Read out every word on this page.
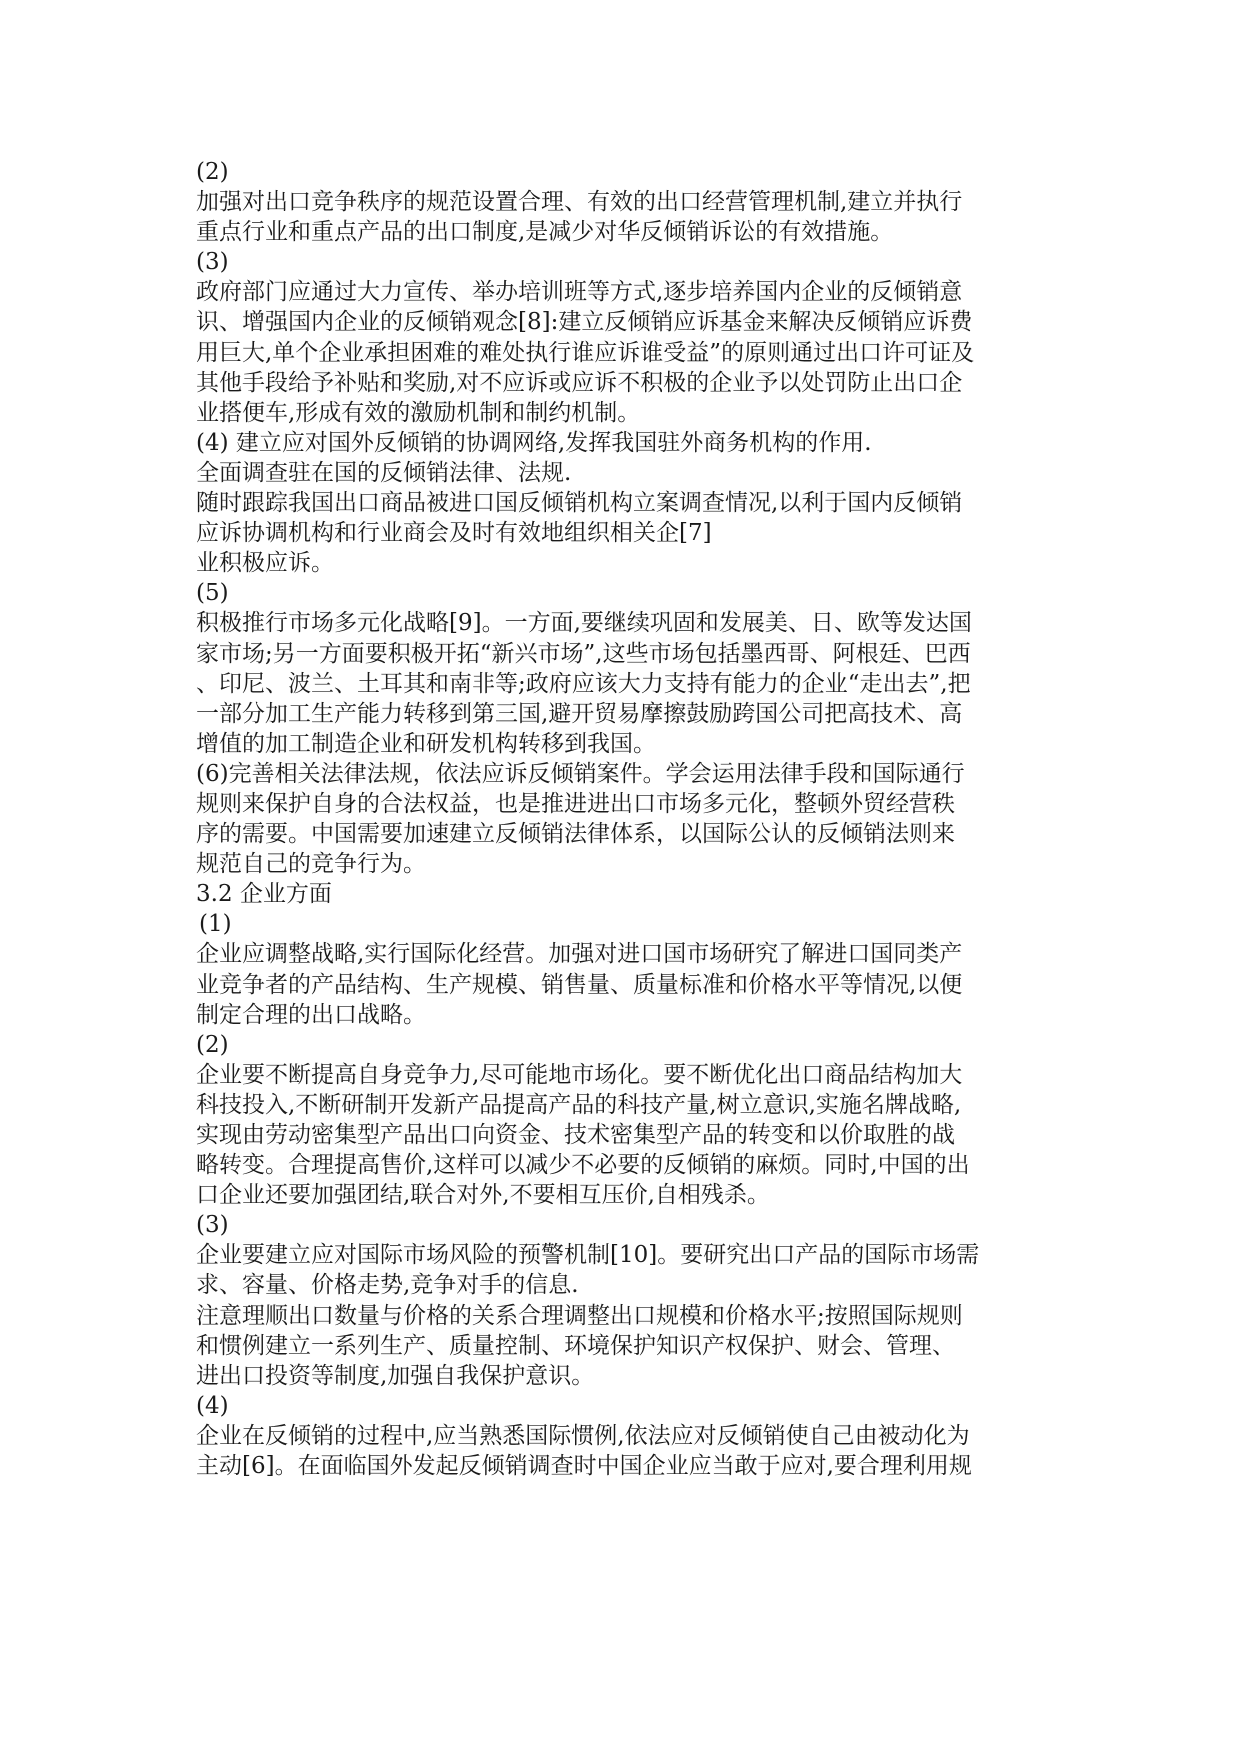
(2)
加强对出口竞争秩序的规范设置合理、有效的出口经营管理机制,建立并执行
重点行业和重点产品的出口制度,是减少对华反倾销诉讼的有效措施。
(3)
政府部门应通过大力宣传、举办培训班等方式,逐步培养国内企业的反倾销意
识、增强国内企业的反倾销观念[8]:建立反倾销应诉基金来解决反倾销应诉费
用巨大,单个企业承担困难的难处执行谁应诉谁受益”的原则通过出口许可证及
其他手段给予补贴和奖励,对不应诉或应诉不积极的企业予以处罚防止出口企
业搭便车,形成有效的激励机制和制约机制。
(4) 建立应对国外反倾销的协调网络,发挥我国驻外商务机构的作用.
全面调查驻在国的反倾销法律、法规.
随时跟踪我国出口商品被进口国反倾销机构立案调查情况,以利于国内反倾销
应诉协调机构和行业商会及时有效地组织相关企[7]
业积极应诉。
(5)
积极推行市场多元化战略[9]。一方面,要继续巩固和发展美、日、欧等发达国
家市场;另一方面要积极开拓“新兴市场”,这些市场包括墨西哥、阿根廷、巴西
、印尼、波兰、土耳其和南非等;政府应该大力支持有能力的企业“走出去”,把
一部分加工生产能力转移到第三国,避开贸易摩擦鼓励跨国公司把高技术、高
增值的加工制造企业和研发机构转移到我国。
(6)完善相关法律法规，依法应诉反倾销案件。学会运用法律手段和国际通行
规则来保护自身的合法权益，也是推进进出口市场多元化，整顿外贸经营秩
序的需要。中国需要加速建立反倾销法律体系，以国际公认的反倾销法则来
规范自己的竞争行为。
3.2 企业方面
(1)
企业应调整战略,实行国际化经营。加强对进口国市场研究了解进口国同类产
业竞争者的产品结构、生产规模、销售量、质量标准和价格水平等情况,以便
制定合理的出口战略。
(2)
企业要不断提高自身竞争力,尽可能地市场化。要不断优化出口商品结构加大
科技投入,不断研制开发新产品提高产品的科技产量,树立意识,实施名牌战略,
实现由劳动密集型产品出口向资金、技术密集型产品的转变和以价取胜的战
略转变。合理提高售价,这样可以减少不必要的反倾销的麻烦。同时,中国的出
口企业还要加强团结,联合对外,不要相互压价,自相残杀。
(3)
企业要建立应对国际市场风险的预警机制[10]。要研究出口产品的国际市场需
求、容量、价格走势,竞争对手的信息.
注意理顺出口数量与价格的关系合理调整出口规模和价格水平;按照国际规则
和惯例建立一系列生产、质量控制、环境保护知识产权保护、财会、管理、
进出口投资等制度,加强自我保护意识。
(4)
企业在反倾销的过程中,应当熟悉国际惯例,依法应对反倾销使自己由被动化为
主动[6]。在面临国外发起反倾销调查时中国企业应当敢于应对,要合理利用规
